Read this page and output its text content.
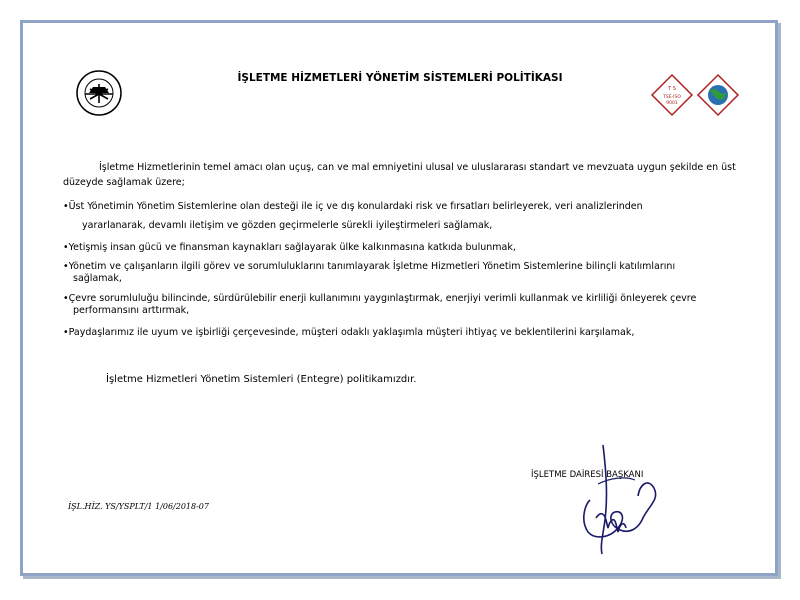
T S
TSE-ISO
9001
İŞLETME HİZMETLERİ YÖNETİM SİSTEMLERİ POLİTİKASI
İşletme Hizmetlerinin temel amacı olan uçuş, can ve mal emniyetini ulusal ve uluslararası standart ve mevzuata uygun şekilde en üst düzeyde sağlamak üzere;
•Üst Yönetimin Yönetim Sistemlerine olan desteği ile iç ve dış konulardaki risk ve fırsatları belirleyerek, veri analizlerinden
yararlanarak, devamlı iletişim ve gözden geçirmelerle sürekli iyileştirmeleri sağlamak,
•Yetişmiş insan gücü ve finansman kaynakları sağlayarak ülke kalkınmasına katkıda bulunmak,
•Yönetim ve çalışanların ilgili görev ve sorumluluklarını tanımlayarak İşletme Hizmetleri Yönetim Sistemlerine bilinçli katılımlarını
sağlamak,
•Çevre sorumluluğu bilincinde, sürdürülebilir enerji kullanımını yaygınlaştırmak, enerjiyi verimli kullanmak ve kirliliği önleyerek çevre
performansını arttırmak,
•Paydaşlarımız ile uyum ve işbirliği çerçevesinde, müşteri odaklı yaklaşımla müşteri ihtiyaç ve beklentilerini karşılamak,
İşletme Hizmetleri Yönetim Sistemleri (Entegre) politikamızdır.
İŞL.HİZ. YS/YSPLT/1 1/06/2018-07
İŞLETME DAİRESİ BAŞKANI
